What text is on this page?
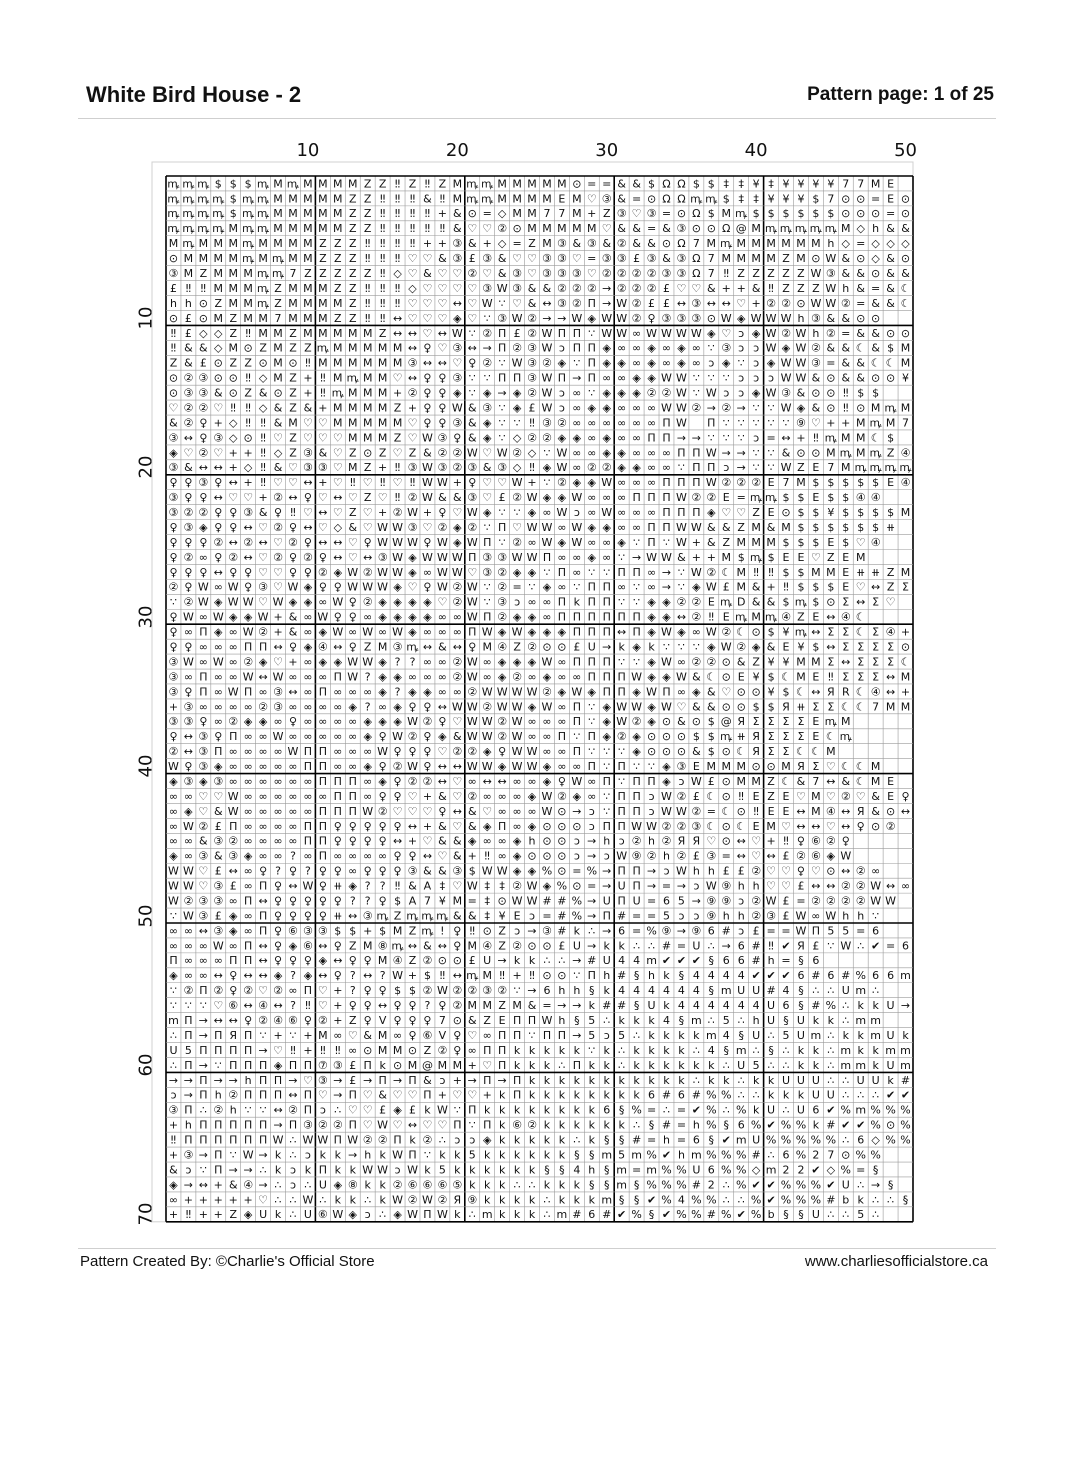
White Bird House - 2	Pattern page: 1 of 25
10	20	30	40	50
10
20
30
40
50
60
70
ꝳ ꝳ ꝳ $ $ $ ꝳ M ꝳ M M M M Z Z ‼ Z ‼ Z M ꝳ ꝳ M M M M M ⊙ = = & & $ Ω Ω $ $ ‡ ‡ ¥ ‡ ¥ ¥ ¥ ¥ 7 7 M E
ꝳ ꝳ ꝳ ꝳ $ ꝳ ꝳ M M M M M Z Z ‼ ‼ ‼ & ‼ M ꝳ ꝳ M M M M E M ♡ ③ & = ⊙ Ω Ω ꝳ ꝳ $ ‡ ‡ ¥ ¥ ¥ $ 7 ⊙ ⊙ = E ⊙
ꝳ ꝳ ꝳ ꝳ $ ꝳ ꝳ M M M M M Z Z ‼ ‼ ‼ ‼ + & ⊙ = ◇ M M 7 7 M + Z ③ ♡ ③ = ⊙ Ω $ M ꝳ $ $ $ $ $ $ ⊙ ⊙ ⊙ = ⊙
ꝳ ꝳ ꝳ ꝳ M ꝳ ꝳ M M M M M Z Z ‼ ‼ ‼ ‼ ‼ & ♡ ♡ ② ⊙ M M M M M ♡ & & = & ③ ⊙ ⊙ Ω @ M ꝳ ꝳ ꝳ ꝳ ꝳ M ◇ h & &
M ꝳ M M M ꝳ M M M M Z Z Z ‼ ‼ ‼ ‼ + + ③ & + ◇ = Z M ③ & ③ & ② & & ⊙ Ω 7 M ꝳ M M M M M M h ◇ = ◇ ◇ ◇
⊙ M M M M ꝳ M ꝳ M M Z Z Z ‼ ‼ ‼ ♡ ♡ & ③ £ ③ & ♡ ♡ ③ ③ ♡ = ③ ③ £ ③ & ③ Ω 7 M M M M Z M ⊙ W & ⊙ ◇ & ⊙
③ M Z M M M ꝳ ꝳ 7 Z Z Z Z Z ‼ ◇ ♡ & ♡ ♡ ② ♡ & ③ ♡ ③ ③ ③ ♡ ② ② ② ② ③ ③ Ω 7 ‼ Z Z Z Z Z W ③ & & ⊙ & &
£ ‼ ‼ M M M ꝳ Z M M M Z Z ‼ ‼ ‼ ◇ ♡ ♡ ♡ ♡ ③ W ③ & & ② ② ② → ② ② ② £ ♡ ♡ & + + & ‼ Z Z Z W h & = & ☾
h h ⊙ Z M M ꝳ Z M M M M Z ‼ ‼ ‼ ♡ ♡ ♡ ↔ ♡ W ∵ ♡ & ↔ ③ ② Π → W ② £ £ ↔ ③ ↔ ↔ ♡ + ② ② ⊙ W W ② = & & ☾
⊙ £ ⊙ M Z M M 7 M M M Z Z ‼ ‼ ↔ ♡ ♡ ♡ ◈ ♡ ∵ ③ W ② → → W ◈ W W ② ♀ ③ ③ ③ ⊙ W ◈ W W W h ③ & & ⊙ ⊙
‼ £ ◇ ◇ Z ‼ M M Z M M M M M Z ↔ ↔ ♡ ↔ W ∵ ② Π £ ② W Π Π ∵ W W ∞ W W W W ◈ ♡ ↄ ◈ W ② W h ② = & & ⊙ ⊙
‼ & & ◇ M ⊙ Z M Z Z ꝳ M M M M M ↔ ♀ ♡ ③ ↔ → Π ② ③ W ↄ Π Π ◈ ∞ ∞ ◈ ∞ ◈ ∞ ∵ ③ ↄ ↄ W ◈ W ② & & ☾ & $ M
Z & £ ⊙ Z Z ⊙ M ⊙ ‼ M M M M M M ③ ↔ ↔ ♡ ♀ ② ∵ W ③ ② ◈ ∵ Π ◈ ◈ ∞ ◈ ∞ ◈ ∞ ↄ ◈ ∵ ↄ ◈ W W ③ = & & ☾ ☾ M
⊙ ② ③ ⊙ ⊙ ‼ ◇ M Z + ‼ M ꝳ M M ♡ ↔ ♀ ♀ ③ ∵ ∵ Π Π ③ W Π → Π ∞ ∞ ◈ ◈ W W ∵ ∵ ∵ ↄ ↄ ↄ W W & ⊙ & & ⊙ ⊙ ¥
⊙ ③ ③ & ⊙ Z & ⊙ Z + ‼ ꝳ M M M + ② ♀ ♀ ◈ ∵ ◈ → ◈ ② W ↄ ∞ ∵ ◈ ◈ ◈ ② ② W ∵ W ↄ ↄ ◈ W ③ & ⊙ ⊙ ‼ $ $
♡ ② ② ♡ ‼ ‼ ◇ & Z & + M M M M Z + ♀ ♀ W & ③ ∵ ◈ £ W ↄ ∞ ◈ ◈ ∞ ∞ ∞ W W ② → ② → ∵ ∵ W ◈ & ⊙ ‼ ⊙ M ꝳ M
& ② ♀ + ◇ ‼ ‼ & M ♡ ♡ M M M M M ♡ ♀ ♀ ③ & ◈ ∵ ∵ ‼ ③ ② ∞ ∞ ∞ ∞ ∞ ∞ Π W Π ∵ ∵ ∵ ∵ ∵ ⑨ ♡ + + M ꝳ M 7
③ ↔ ♀ ③ ◇ ⊙ ‼ ♡ Z ♡ ♡ ♡ M M M Z ♡ W ③ ♀ & ◈ ∵ ◇ ② ② ◈ ◈ ∞ ◈ ∞ ∞ Π Π → → ∵ ∵ ∵ ↄ = ↔ + ‼ ꝳ M M ☾ $
◈ ♡ ② ♡ + + ‼ ◇ Z ③ & ♡ Z ⊙ Z ♡ Z & ② ② W ♡ W ② ◇ ∵ W ∞ ∞ ◈ ◈ ∞ ∞ ∞ Π Π W → → ∵ ∵ & ⊙ ⊙ M ꝳ M ꝳ Z ④
③ & ↔ ↔ + ◇ ‼ & ♡ ③ ③ ♡ M Z + ‼ ③ W ③ ② ③ & ③ ◇ ‼ ◈ W ∞ ② ② ◈ ◈ ∞ ∞ ∵ Π Π ↄ → ∵ ∵ W Z E 7 M ꝳ ꝳ ꝳ ꝳ
♀ ♀ ③ ♀ ↔ + ‼ ♡ ♡ ↔ + ♡ ‼ ♡ ‼ ♡ ‼ W W + ♀ ♡ ♡ W + ∵ ② ◈ ◈ W ∞ ∞ ∞ Π Π Π W ② ② ② E 7 M $ $ $ $ $ E ④
③ ♀ ♀ ↔ ♡ ♡ + ② ↔ ♀ ♡ ↔ ♡ Z ♡ ‼ ② W & & ③ ♡ £ ② W ◈ ◈ W ∞ ∞ ∞ Π Π Π W ② ② E = ꝳ ꝳ $ $ E $ $ ④ ④
③ ② ② ♀ ♀ ③ & ♀ ‼ ♡ ↔ ♡ Z ♡ + ② W + ♀ ♡ W ◈ ∵ ∵ ◈ ∞ W ↄ ∞ W ∞ ∞ ∞ Π Π Π ◈ ♡ ♡ Z E ⊙ $ $ ¥ $ $ $ $ M
♀ ③ ◈ ♀ ♀ ↔ ♡ ② ♀ ↔ ♡ ◇ & ♡ W W ③ ♡ ② ◈ ② ∵ Π ♡ W W ∞ W ◈ ◈ ∞ ∞ Π Π W W & & Z M & M $ $ $ $ $ $ ⧺
♀ ♀ ♀ ② ↔ ② ↔ ♡ ② ♀ ↔ ↔ ♡ ♀ W W W ♀ W ◈ W Π ∵ ② ∞ W ◈ W ∞ ∞ ◈ ∵ Π ∵ W + & Z M M M $ $ $ E $ ♡ ④
♀ ② ∞ ♀ ② ↔ ♡ ② ♀ ② ♀ ↔ ♡ ↔ ③ W ◈ W W W Π ③ ③ W W Π ∞ ∞ ◈ ∞ ∵ → W W & + + M $ ꝳ $ E E ♡ Z E M
♀ ♀ ♀ ↔ ♀ ♀ ♡ ♡ ♀ ♀ ② ◈ W ② W W ◈ ∞ W W ♡ ③ ② ◈ ◈ ∵ Π ∞ ∵ ∵ Π Π ∞ → ∵ W ② ☾ M ‼ ‼ $ $ M M E ⧺ ⧺ Z M
② ♀ W ∞ W ♀ ③ ♡ W ◈ ♀ ♀ W W W ◈ ♡ ♀ W ② W ∵ ② = ∵ ◈ ∞ ∵ Π Π ∞ ∵ ∞ → ∵ ◈ W £ M & + ‼ $ $ $ E ♡ ↔ Z Σ
∵ ② W ◈ W W ♡ W ◈ ◈ ∞ W ♀ ② ◈ ◈ ◈ ◈ ♡ ② W ∵ ③ ↄ ∞ ∞ Π k Π Π ∵ ∵ ◈ ◈ ② ② E ꝳ D & & $ ꝳ $ ⊙ Σ ↔ Σ ♡
♀ W ∞ W ◈ ◈ W + & ∞ W ♀ ♀ ∞ ◈ ◈ ◈ ◈ ∞ ∞ W Π ② ◈ ◈ ∞ Π Π Π Π Π Π ◈ ◈ ↔ ② ‼ E ꝳ M ꝳ ④ Z E ↔ ④ ☾
♀ ∞ Π ◈ ∞ W ② + & ∞ ◈ W ∞ W ∞ W ◈ ∞ ∞ ∞ Π W ◈ W ◈ ◈ ◈ Π Π Π ↔ Π ◈ W ◈ ∞ W ② ☾ ⊙ $ ¥ ꝳ ↔ Σ Σ ☾ Σ ④ +
♀ ♀ ∞ ∞ ∞ Π Π ↔ ♀ ◈ ④ ↔ ♀ Z M ③ ꝳ ↔ & ↔ ♀ M ④ Z ② ⊙ ⊙ £ U → k ◈ k ∵ ∵ ∵ ◈ W ② ◈ & E ¥ $ ↔ Σ Σ Σ Σ ⊙
③ W ∞ W ∞ ② ◈ ♡ + ∞ ◈ ◈ W W ◈ ? ? ∞ ∞ ② W ∞ ◈ ◈ ◈ W ∞ Π Π Π ∵ ∵ ◈ W ∞ ② ② ⊙ & Z ¥ ¥ M M Σ ↔ Σ Σ Σ ☾
③ ∞ Π ∞ ∞ W ↔ W ∞ ∞ ∞ Π W ? ◈ ◈ ∞ ∞ ∞ ② W ∞ ◈ ② ∞ ◈ ∞ ∞ Π Π Π W ◈ ◈ W & ☾ ⊙ E ¥ $ ☾ M E ‼ Σ Σ Σ ↔ M
③ ♀ Π ∞ W Π ∞ ③ ↔ ∞ Π ∞ ∞ ∞ ◈ ? ◈ ◈ ∞ ∞ ② W W W W ② ◈ W ◈ Π Π ◈ W Π ∞ ◈ & ♡ ⊙ ⊙ ¥ $ ☾ ↔ Я R ☾ ④ ↔ +
+ ③ ∞ ∞ ∞ ∞ ② ③ ∞ ∞ ∞ ∞ ◈ ? ∞ ◈ ♀ ♀ ↔ W W ② W W ◈ W ∞ Π ∵ ◈ W W ◈ W ♡ & & ⊙ ⊙ $ $ Я ⧺ Σ Σ ☾ ☾ 7 M M
③ ③ ♀ ∞ ② ◈ ◈ ∞ ♀ ∞ ∞ ∞ ∞ ◈ ◈ ◈ W ② ♀ ♡ W W ② W ∞ ∞ ∞ Π ∵ ◈ W ② ◈ ⊙ & ⊙ $ @ Я Σ Σ Σ Σ E ꝳ M
♀ ↔ ③ ♀ Π ∞ ∞ W ∞ ∞ ∞ ∞ ∞ ◈ ♀ W ② ♀ ◈ & W W ② W ∞ ∞ Π ∵ Π ◈ ② ◈ ⊙ ⊙ ⊙ $ $ ꝳ ⧺ Я Σ Σ Σ E ☾ ꝳ
② ↔ ③ Π ∞ ∞ ∞ ∞ W Π Π ∞ ∞ ∞ W ♀ ♀ ♀ ♡ ② ② ◈ ♀ W W ∞ ∞ Π ∵ ∵ ∵ ◈ ⊙ ⊙ ⊙ & $ ⊙ ☾ Я Σ Σ ☾ ☾ M
W ♀ ③ ◈ ∞ ∞ ∞ ∞ ∞ Π Π ∞ ∞ ◈ ♀ ② W ♀ ↔ ↔ W W ◈ W W ◈ ∞ ∞ Π ∵ Π ∵ ∵ ◈ ③ E M M M ⊙ ⊙ M Я Σ ♡ ☾ ☾ M
◈ ③ ◈ ③ ∞ ∞ ∞ ∞ ∞ ∞ Π Π Π ∞ ◈ ♀ ② ② ↔ ♡ ∞ ↔ ↔ ∞ ∞ ◈ ♀ W ∞ Π ∵ Π Π ◈ ↄ W £ ⊙ M M Z ☾ & 7 ↔ & ☾ M E
∞ ∞ ♡ ♡ W ∞ ∞ ∞ ∞ ∞ ∞ Π Π ∞ ♀ ♀ ♡ + & ♡ ② ∞ ∞ ∞ ◈ W ② ◈ ∞ ∵ Π Π ↄ W ② £ ☾ ⊙ ‼ E Z E ♡ M ♡ ② ♡ & E ♀
∞ ◈ ♡ & W ∞ ∞ ∞ ∞ ∞ Π Π Π W ② ♡ ♡ ♡ ♀ ↔ & ♡ ∞ ∞ ∞ W ⊙ → ↄ ∵ Π Π ↄ W W ② = ☾ ⊙ ‼ E E ↔ M ④ ↔ Я & ⊙ ↔
∞ W ② £ Π ∞ ∞ ∞ ∞ Π Π ♀ ♀ ♀ ♀ ♀ ↔ + & ♡ & ◈ Π ∞ ◈ ⊙ ⊙ ⊙ ↄ Π Π W W ② ② ③ ☾ ⊙ ☾ E M ♡ ↔ ↔ ♡ ↔ ♀ ⊙ ②
∞ ∞ & ③ ② ∞ ∞ ∞ ∞ Π Π ♀ ♀ ♀ ♀ ↔ + ♡ & & ◈ ∞ ∞ ◈ h ⊙ ⊙ ↄ → h ↄ ② h ② Я Я ♡ ⊙ ↔ ♡ + ‼ ♀ ⑥ ② ♀
◈ ∞ ③ & ③ ◈ ∞ ∞ ? ∞ Π ∞ ∞ ∞ ∞ ♀ ♀ ↔ ♡ & + ‼ ∞ ◈ ⊙ ⊙ ⊙ ↄ → ↄ W ⑨ ② h ② £ ③ = ↔ ♡ ↔ £ ② ⑥ ◈ W
W W ♡ £ ↔ ∞ ♀ ? ♀ ? ♀ ♀ ∞ ♀ ♀ ♀ ③ & & ③ $ W W ◈ ◈ % ⊙ = % → Π Π → ↄ W h h £ £ ② ♡ ♡ ♀ ♡ ⊙ ↔ ② ∞
W W ♡ ③ £ ∞ Π ♀ ↔ W ♀ ⧺ ◈ ? ? ‼ & A ‡ ♡ W ‡ ‡ ② W ◈ % ⊙ = → U Π → = → ↄ W ⑨ h h ♡ ♡ £ ↔ ↔ ② ② W ↔ ∞
W ② ③ ③ ∞ Π ↔ ♀ ♀ ♀ ♀ ♀ ? ? ♀ $ A 7 ¥ M = ‡ ⊙ W W # # % → U Π U = 6 5 → ⑨ ⑨ ↄ ② W £ = ② ② ② ② W W
∵ W ③ £ ◈ ∞ Π ♀ ♀ ♀ ♀ ⧺ ↔ ③ ꝳ Z ꝳ ꝳ ꝳ & & ‡ ¥ E ↄ = # % → Π # = = 5 ↄ ↄ ⑨ h h ② ③ £ W ∞ W h h ∵
∞ ∞ ↔ ③ ◈ ∞ Π ♀ ⑥ ③ ③ $ $ + $ M Z ꝳ ! ♀ ‼ ⊙ Z ↄ → ③ # k ∴ → 6 = % ⑨ → ⑨ 6 # ↄ £ = = W Π 5 5 = 6
∞ ∞ ∞ W ∞ Π ↔ ♀ ◈ ⑥ ↔ ♀ Z M ⑧ ꝳ ↔ & ↔ ♀ M ④ Z ② ⊙ ⊙ £ U → k k ∴ ∴ # = U ∴ → 6 # ‼ ✔ Я £ ∵ W ∴ ✔ = 6
Π ∞ ∞ ∞ Π Π ↔ ♀ ♀ ♀ ◈ ↔ ♀ ♀ M ④ Z ② ⊙ ⊙ £ U → k k ∴ ∴ → # U 4 4 m ✔ ✔ ✔ § 6 6 # h = § 6
◈ ∞ ∞ ↔ ♀ ↔ ↔ ◈ ? ◈ ↔ ♀ ? ↔ ? W + $ ‼ ↔ ꝳ M ‼ + ‼ ⊙ ⊙ ∵ Π h # § h k § 4 4 4 4 ✔ ✔ ✔ 6 # 6 # % 6 6 m
∵ ② Π ② ♀ ② ♡ ② ∞ Π ♡ + ? ♀ ♀ $ $ ② W ② ② ③ ② ∵ → 6 h h § k 4 4 4 4 4 4 § m U U # 4 § ∴ ∴ U m ∴
∵ ∵ ∵ ♡ ⑥ ↔ ④ ↔ ? ‼ ♡ + ♀ ♀ ↔ ♀ ♀ ? ♀ ② M M Z M & = → → k # # § U k 4 4 4 4 4 4 U 6 § # % ∴ k k U →
m Π → ↔ ↔ ♀ ② ④ ⑥ ♀ ② + Z ♀ V ♀ ♀ ♀ 7 ⊙ & Z E Π Π W h § 5 ∴ k k k 4 § m ∴ 5 ∴ h U § U k k ∴ m m
∴ Π → Π Я Π ∵ + ∵ + M ∞ ♡ & M ∞ ♀ ⑥ V ♀ ♡ ∞ Π Π ∵ Π Π → 5 ↄ 5 ∴ k k k k m 4 § U ∴ 5 U m ∴ k k m U k
U 5 Π Π Π Π → ♡ ‼ + ‼ ‼ ∞ ⊙ M M ⊙ Z ② ♀ ∞ Π Π k k k k k ∵ k ∴ k k k k ∴ 4 § m ∴ § ∴ k k ∴ m k k m m
∴ Π → ∵ Π Π Π ◈ Π Π ⑦ ③ £ Π k ⊙ M @ M M + ♡ Π k k k ∴ Π k k ∴ k k k k k k ∴ U 5 ∴ ∴ k k ∴ m m k U m
→ → Π → → h Π Π → ♡ ③ → £ → Π → Π & ↄ + → Π → Π k k k k k k k k k k k ∴ k k ∴ k k U U U ∴ ∴ U U k #
ↄ → Π h ② Π Π Π ↔ Π ♡ → Π ♡ & ♡ ♡ Π + ♡ ♡ + k Π k k k k k k k k 6 # 6 # % % ∴ ∴ k k k U U ∴ ∴ ∴ ✔ ✔
③ Π ∴ ② h ∵ ∵ ↔ ② Π ↄ ∴ ♡ ♡ £ ◈ £ k W ∵ Π k k k k k k k k 6 § % = ∴ = ✔ % ∴ % k U ∴ U 6 ✔ % m % % %
+ h Π Π Π Π Π → Π ③ ② ② Π ♡ W ♡ ↔ ♡ ♡ Π ∵ Π k ⑥ ② k k k k k k ∴ § # = h % § 6 % ✔ % % k # ✔ ✔ % ⊙ %
‼ Π Π Π Π Π Π W ∴ W W Π W ② ② Π k ② ∴ ↄ ↄ ◈ k k k k k ∴ k § § # = h = 6 § ✔ m U % % % % % ∴ 6 ◇ % %
+ ③ → Π ∵ W → k ∴ ↄ k k → h k W Π ∵ k k 5 k k k k k k § § m 5 m % ✔ h m % % % # ∴ 6 % 2 7 ⊙ % %
& ↄ ∵ Π → → ∴ k ↄ k Π k k W W ↄ W k 5 k k k k k k § § 4 h § m = m % % U 6 % % ◇ m 2 2 ✔ ◇ % = §
◈ → ↔ + & ④ → ∴ ↄ ∴ U ◈ ⑧ k k ② ⑥ ⑥ ⑥ ⑤ k k k ∴ ∴ k k k § § m § % % % # 2 ∴ % ✔ ✔ % % % ✔ U ∴ → §
∞ + + + + + ♡ ∴ ∴ W ∴ k k ∴ k W ② W ② Я ⑨ k k k k ∴ k k k m § § ✔ % 4 % % ∴ ∴ % ✔ % % % # b k ∴ ∴ §
+ ‼ + + Z ◈ U k ∴ U ⑥ W ◈ ↄ ∴ ◈ W Π W k ∴ m k k k ∴ m # 6 # ✔ % § ✔ % % # % ✔ % b § § U ∴ ∴ 5 ∴
Pattern Created By: ©Charlie's Official Store	www.charliesofficialstore.ca
